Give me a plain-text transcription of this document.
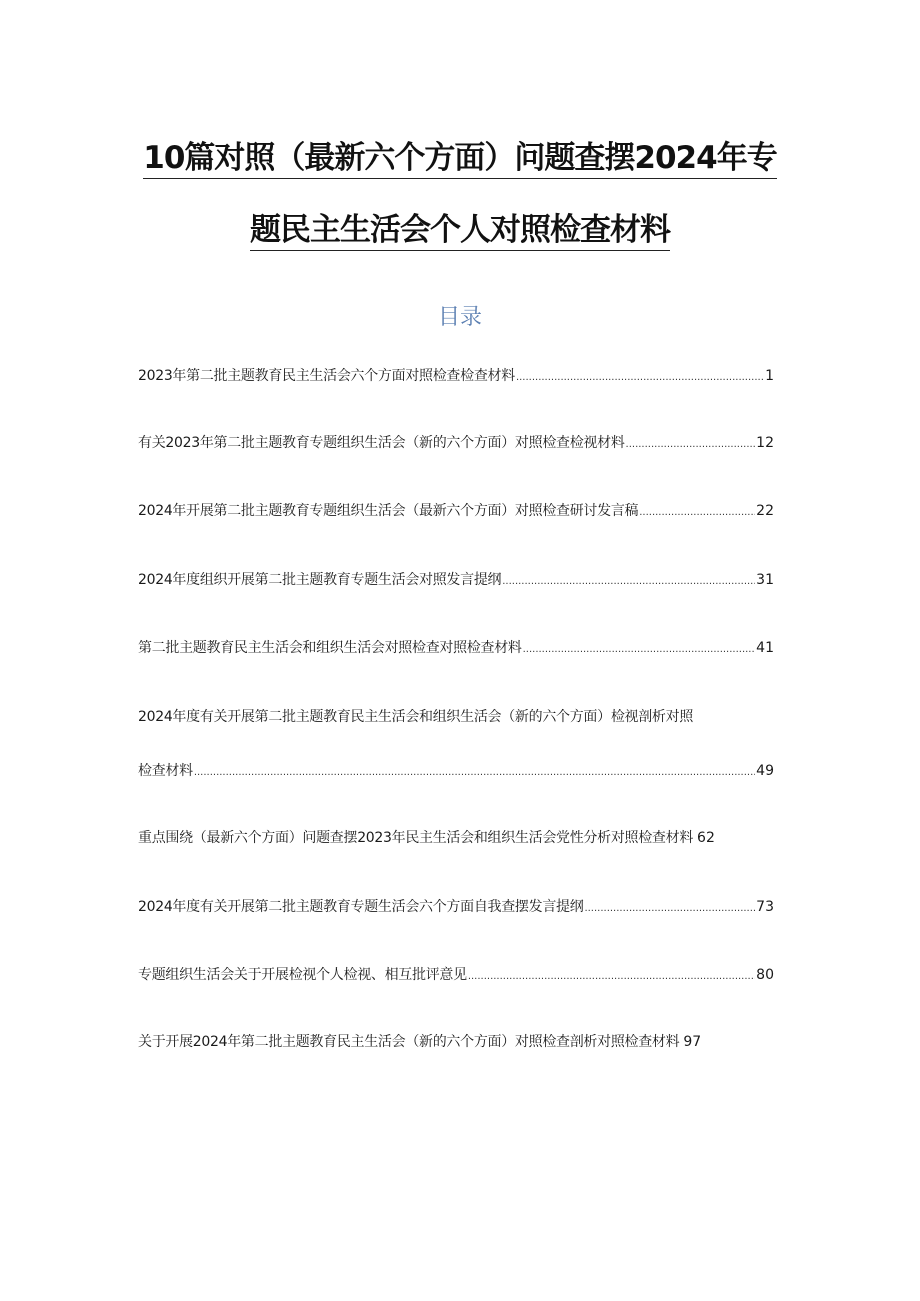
10篇对照（最新六个方面）问题查摆2024年专
题民主生活会个人对照检查材料
目录
2023年第二批主题教育民主生活会六个方面对照检查检查材料 .....	1
有关2023年第二批主题教育专题组织生活会（新的六个方面）对照检查检视材料 .....	12
2024年开展第二批主题教育专题组织生活会（最新六个方面）对照检查研讨发言稿 .....	22
2024年度组织开展第二批主题教育专题生活会对照发言提纲 .....	31
第二批主题教育民主生活会和组织生活会对照检查对照检查材料 .....	41
2024年度有关开展第二批主题教育民主生活会和组织生活会（新的六个方面）检视剖析对照
检查材料 .....	49
重点围绕（最新六个方面）问题查摆2023年民主生活会和组织生活会党性分析对照检查材料 62
2024年度有关开展第二批主题教育专题生活会六个方面自我查摆发言提纲 .....	73
专题组织生活会关于开展检视个人检视、相互批评意见 .....	80
关于开展2024年第二批主题教育民主生活会（新的六个方面）对照检查剖析对照检查材料 97
